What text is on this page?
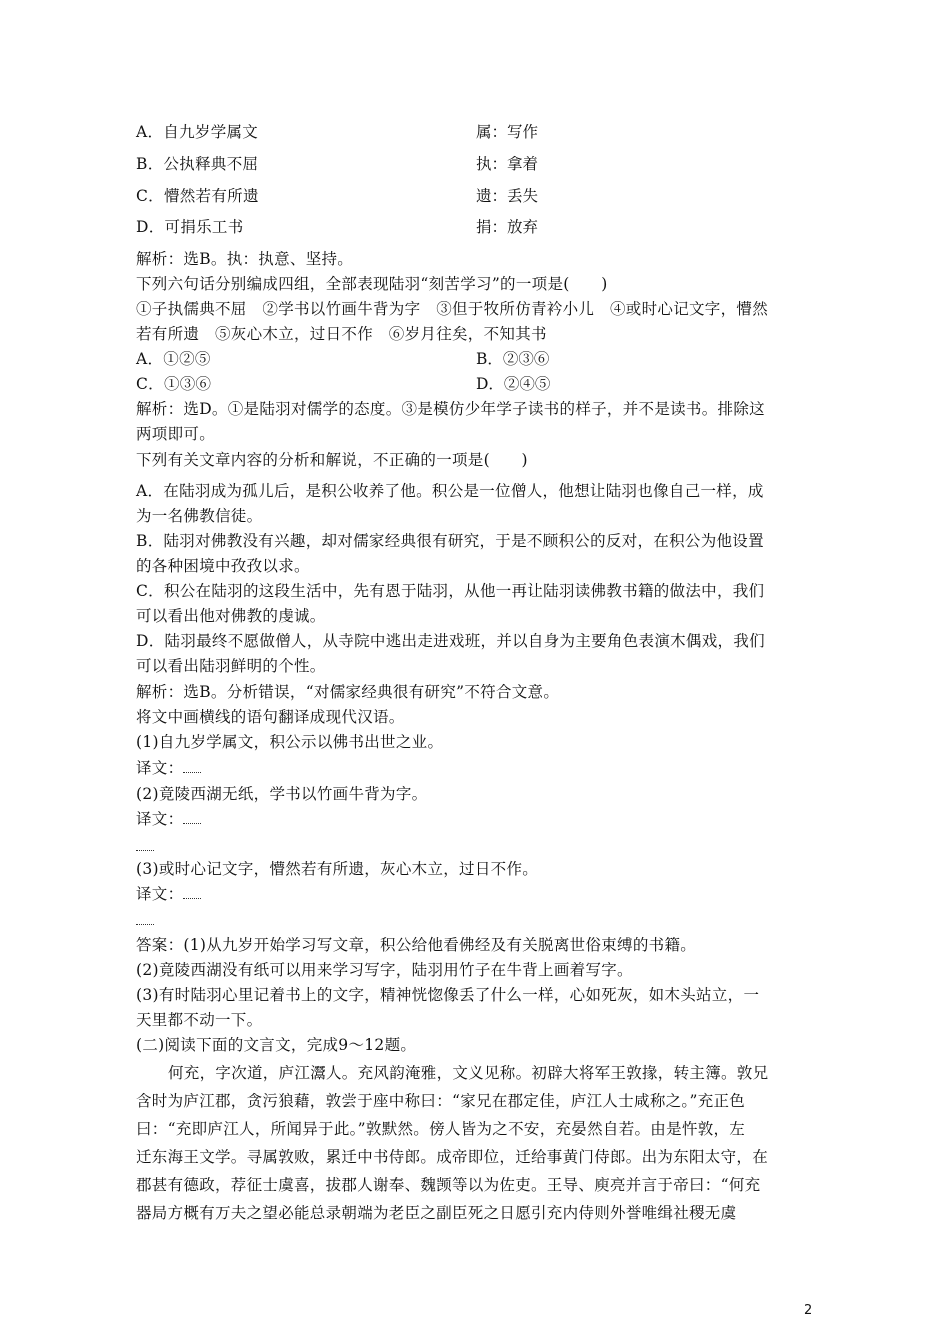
A．自九岁学属文	属：写作
B．公执释典不屈	执：拿着
C．懵然若有所遗	遗：丢失
D．可捐乐工书	捐：放弃
解析：选B。执：执意、坚持。
下列六句话分别编成四组，全部表现陆羽“刻苦学习”的一项是(　　)
①子执儒典不屈　②学书以竹画牛背为字　③但于牧所仿青衿小儿　④或时心记文字，懵然
若有所遗　⑤灰心木立，过日不作　⑥岁月往矣，不知其书
A．①②⑤	B．②③⑥
C．①③⑥	D．②④⑤
解析：选D。①是陆羽对儒学的态度。③是模仿少年学子读书的样子，并不是读书。排除这
两项即可。
下列有关文章内容的分析和解说，不正确的一项是(　　)
A．在陆羽成为孤儿后，是积公收养了他。积公是一位僧人，他想让陆羽也像自己一样，成
为一名佛教信徒。
B．陆羽对佛教没有兴趣，却对儒家经典很有研究，于是不顾积公的反对，在积公为他设置
的各种困境中孜孜以求。
C．积公在陆羽的这段生活中，先有恩于陆羽，从他一再让陆羽读佛教书籍的做法中，我们
可以看出他对佛教的虔诚。
D．陆羽最终不愿做僧人，从寺院中逃出走进戏班，并以自身为主要角色表演木偶戏，我们
可以看出陆羽鲜明的个性。
解析：选B。分析错误，“对儒家经典很有研究”不符合文意。
将文中画横线的语句翻译成现代汉语。
(1)自九岁学属文，积公示以佛书出世之业。
译文：
(2)竟陵西湖无纸，学书以竹画牛背为字。
译文：
(3)或时心记文字，懵然若有所遗，灰心木立，过日不作。
译文：
答案：(1)从九岁开始学习写文章，积公给他看佛经及有关脱离世俗束缚的书籍。
(2)竟陵西湖没有纸可以用来学习写字，陆羽用竹子在牛背上画着写字。
(3)有时陆羽心里记着书上的文字，精神恍惚像丢了什么一样，心如死灰，如木头站立，一
天里都不动一下。
(二)阅读下面的文言文，完成9～12题。
何充，字次道，庐江灊人。充风韵淹雅，文义见称。初辟大将军王敦掾，转主簿。敦兄
含时为庐江郡，贪污狼藉，敦尝于座中称曰：“家兄在郡定佳，庐江人士咸称之。”充正色
曰：“充即庐江人，所闻异于此。”敦默然。傍人皆为之不安，充晏然自若。由是忤敦，左
迁东海王文学。寻属敦败，累迁中书侍郎。成帝即位，迁给事黄门侍郎。出为东阳太守，在
郡甚有德政，荐征士虞喜，拔郡人谢奉、魏𫖮等以为佐吏。王导、庾亮并言于帝曰：“何充
器局方概有万夫之望必能总录朝端为老臣之副臣死之日愿引充内侍则外誉唯缉社稷无虞
2
